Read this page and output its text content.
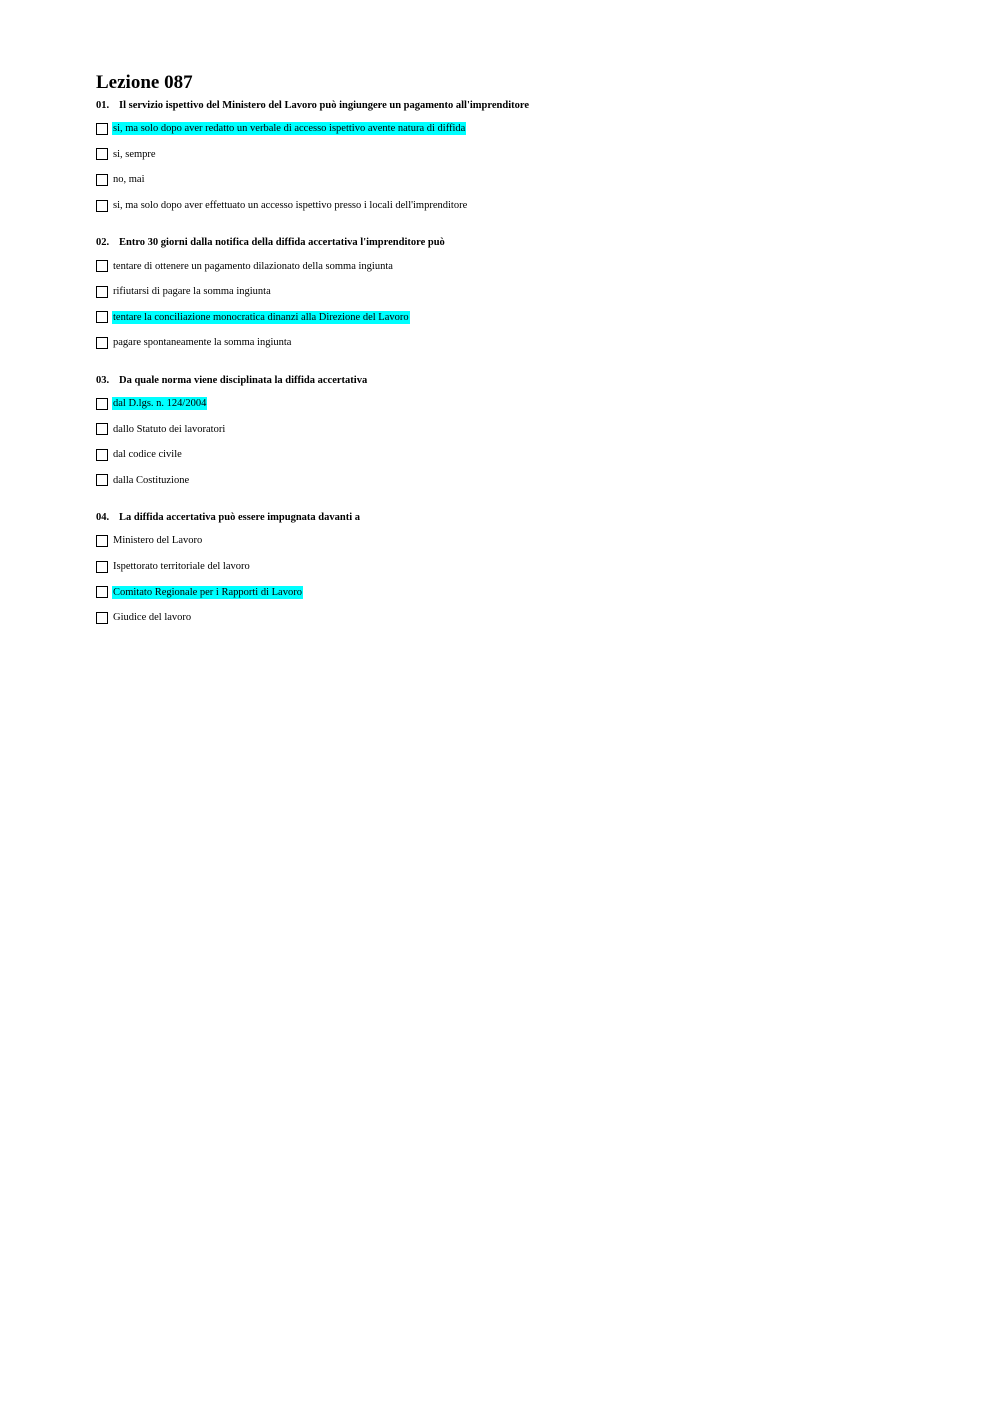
Lezione 087
01. Il servizio ispettivo del Ministero del Lavoro può ingiungere un pagamento all'imprenditore
si, ma solo dopo aver redatto un verbale di accesso ispettivo avente natura di diffida
si, sempre
no, mai
si, ma solo dopo aver effettuato un accesso ispettivo presso i locali dell'imprenditore
02. Entro 30 giorni dalla notifica della diffida accertativa l'imprenditore può
tentare di ottenere un pagamento dilazionato della somma ingiunta
rifiutarsi di pagare la somma ingiunta
tentare la conciliazione monocratica dinanzi alla Direzione del Lavoro
pagare spontaneamente la somma ingiunta
03. Da quale norma viene disciplinata la diffida accertativa
dal D.lgs. n. 124/2004
dallo Statuto dei lavoratori
dal codice civile
dalla Costituzione
04. La diffida accertativa può essere impugnata davanti a
Ministero del Lavoro
Ispettorato territoriale del lavoro
Comitato Regionale per i Rapporti di Lavoro
Giudice del lavoro
